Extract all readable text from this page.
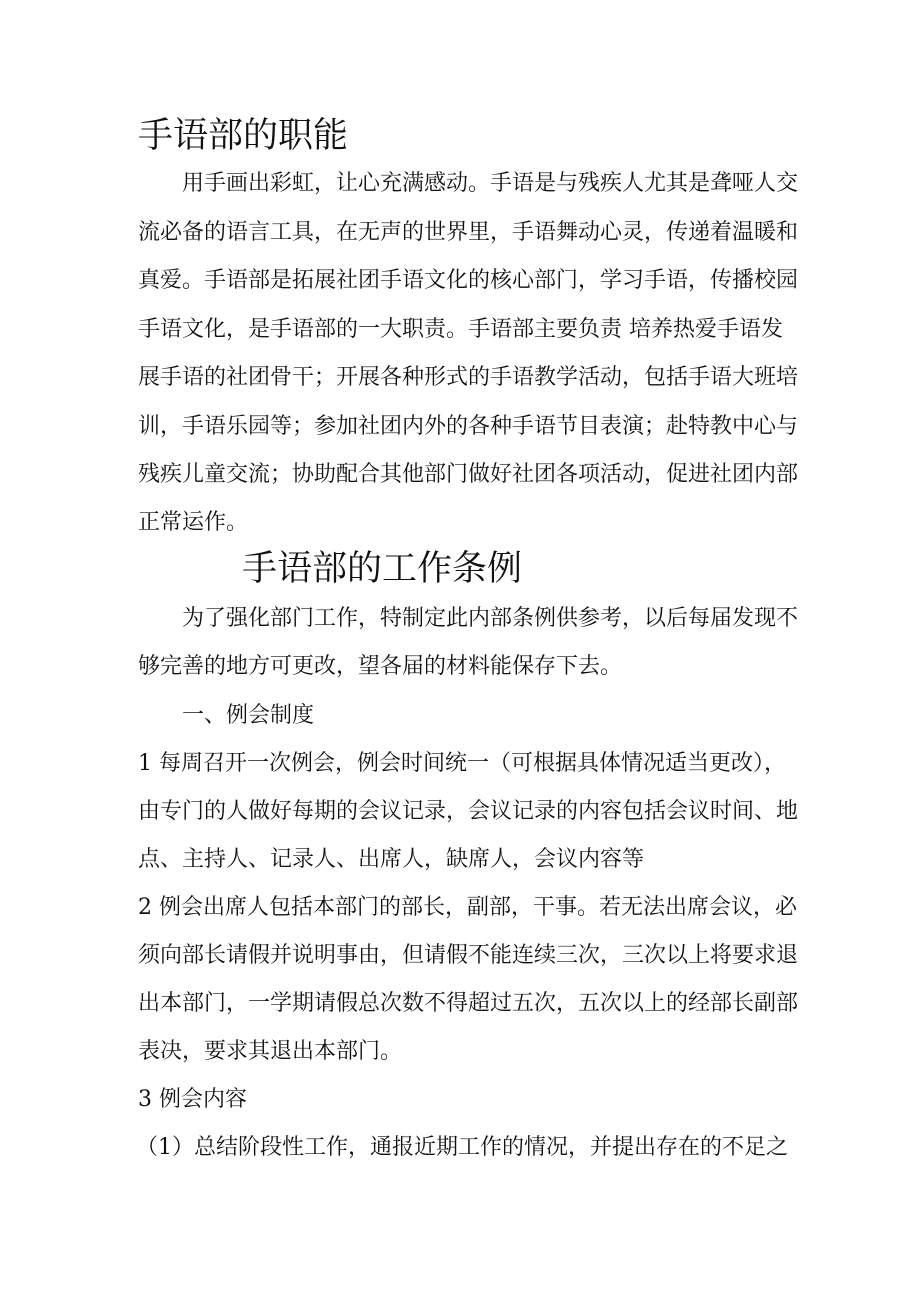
手语部的职能

用手画出彩虹，让心充满感动。手语是与残疾人尤其是聋哑人交

流必备的语言工具，在无声的世界里，手语舞动心灵，传递着温暖和

真爱。手语部是拓展社团手语文化的核心部门，学习手语，传播校园

手语文化，是手语部的一大职责。手语部主要负责 培养热爱手语发

展手语的社团骨干；开展各种形式的手语教学活动，包括手语大班培

训，手语乐园等；参加社团内外的各种手语节目表演；赴特教中心与

残疾儿童交流；协助配合其他部门做好社团各项活动，促进社团内部

正常运作。

手语部的工作条例

为了强化部门工作，特制定此内部条例供参考，以后每届发现不

够完善的地方可更改，望各届的材料能保存下去。

一、例会制度

1 每周召开一次例会，例会时间统一（可根据具体情况适当更改），

由专门的人做好每期的会议记录，会议记录的内容包括会议时间、地

点、主持人、记录人、出席人，缺席人，会议内容等

2 例会出席人包括本部门的部长，副部，干事。若无法出席会议，必

须向部长请假并说明事由，但请假不能连续三次，三次以上将要求退

出本部门，一学期请假总次数不得超过五次，五次以上的经部长副部

表决，要求其退出本部门。

3 例会内容

（1）总结阶段性工作，通报近期工作的情况，并提出存在的不足之
